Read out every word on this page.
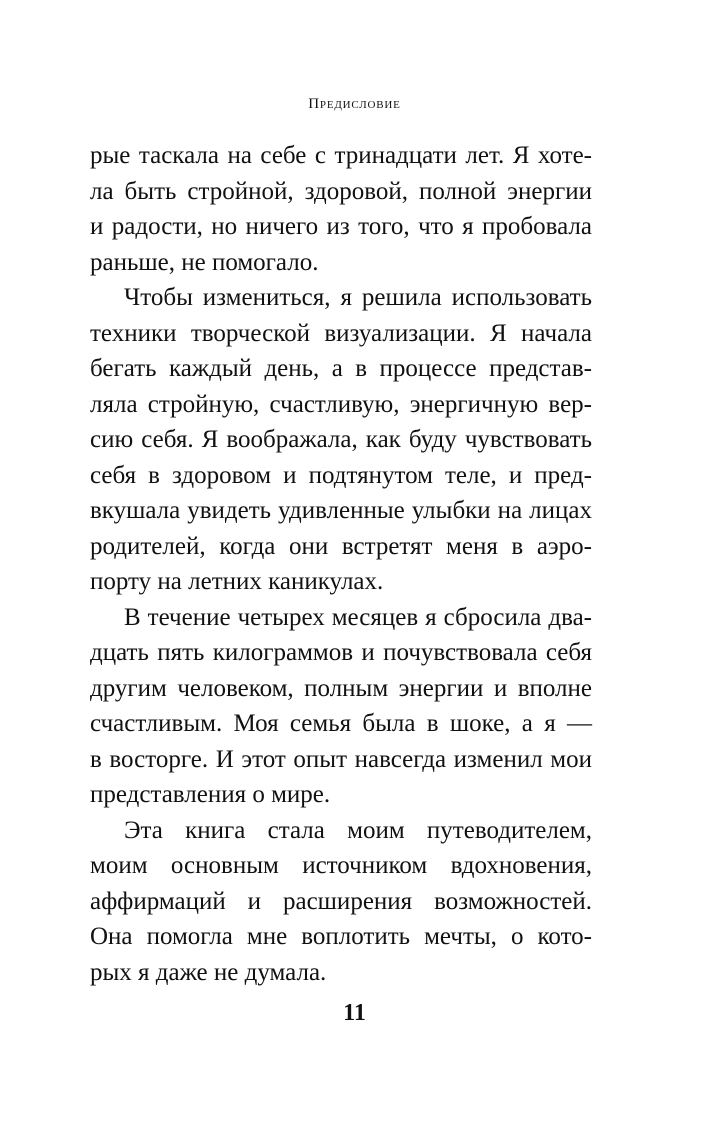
Предисловие
рые таскала на себе с тринадцати лет. Я хоте-
ла быть стройной, здоровой, полной энергии
и радости, но ничего из того, что я пробовала
раньше, не помогало.
Чтобы измениться, я решила использовать
техники творческой визуализации. Я начала
бегать каждый день, а в процессе представ-
ляла стройную, счастливую, энергичную вер-
сию себя. Я воображала, как буду чувствовать
себя в здоровом и подтянутом теле, и пред-
вкушала увидеть удивленные улыбки на лицах
родителей, когда они встретят меня в аэро-
порту на летних каникулах.
В течение четырех месяцев я сбросила два-
дцать пять килограммов и почувствовала себя
другим человеком, полным энергии и вполне
счастливым. Моя семья была в шоке, а я —
в восторге. И этот опыт навсегда изменил мои
представления о мире.
Эта книга стала моим путеводителем,
моим основным источником вдохновения,
аффирмаций и расширения возможностей.
Она помогла мне воплотить мечты, о кото-
рых я даже не думала.
11
